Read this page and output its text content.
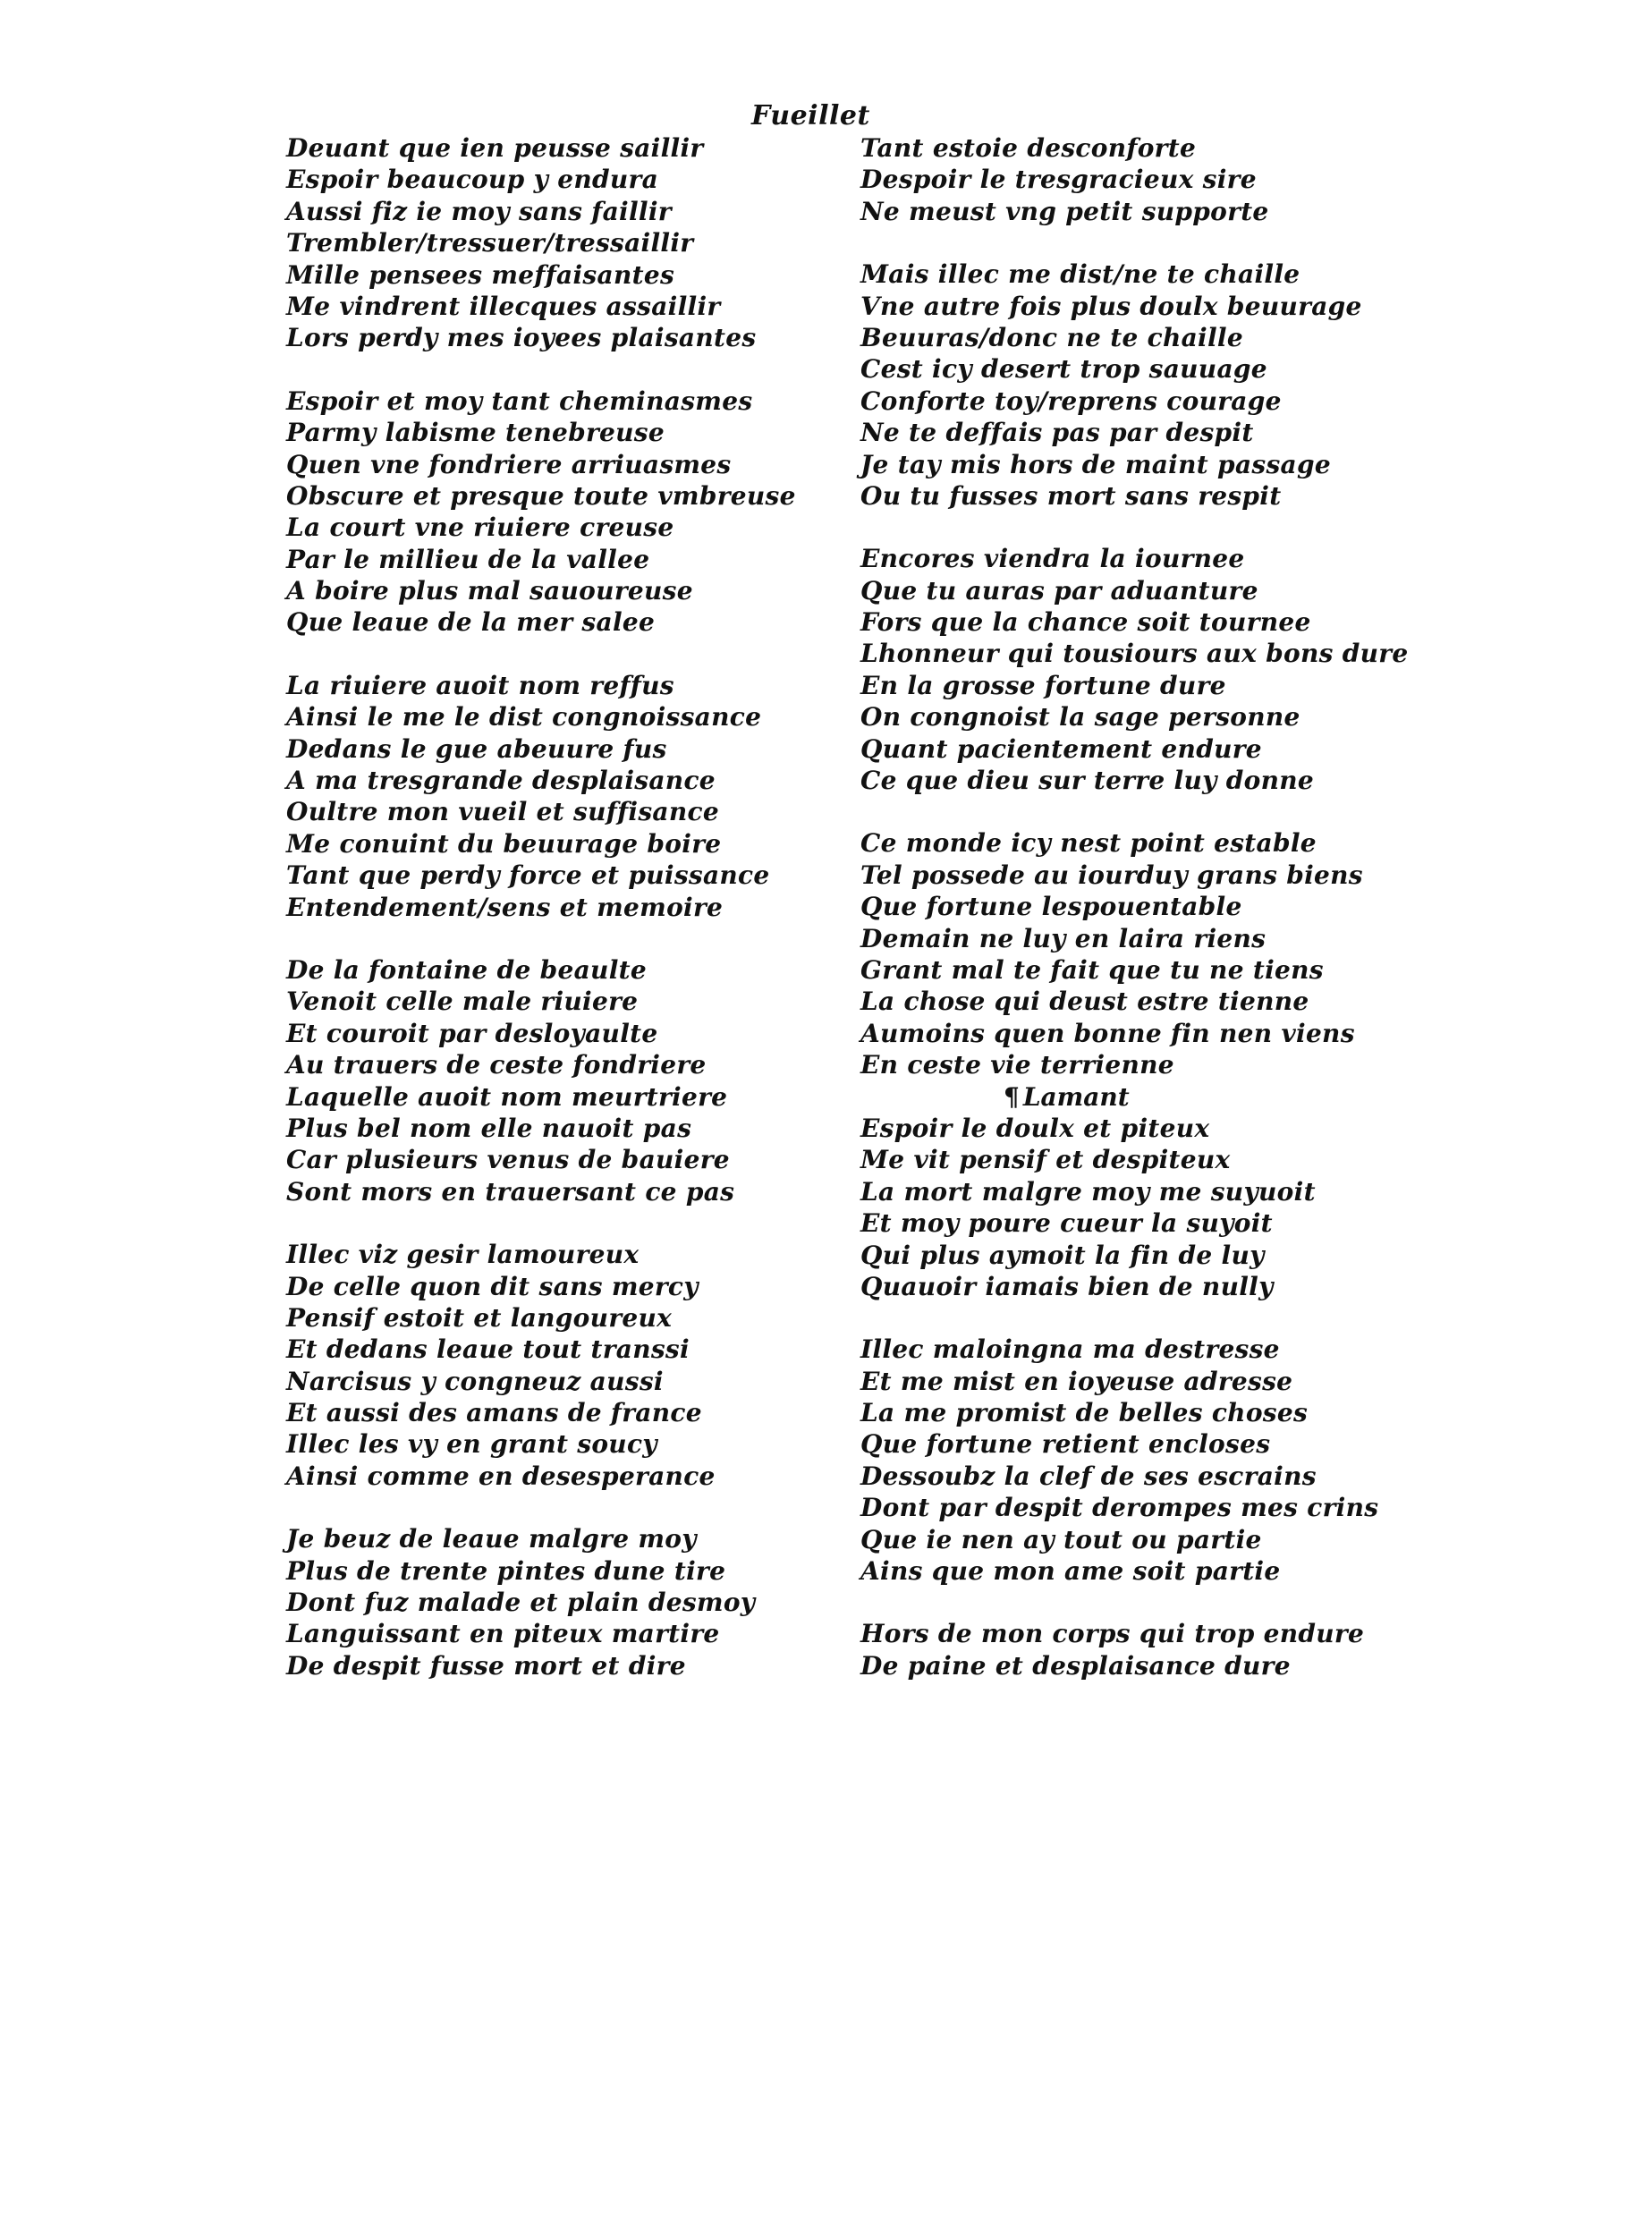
Fueillet
Deuant que ien peusse saillir
Espoir beaucoup y endura
Aussi fiz ie moy sans faillir
Trembler/tressuer/tressaillir
Mille pensees meffaisantes
Me vindrent illecques assaillir
Lors perdy mes ioyees plaisantes
Espoir et moy tant cheminasmes
Parmy labisme tenebreuse
Quen vne fondriere arriuasmes
Obscure et presque toute vmbreuse
La court vne riuiere creuse
Par le millieu de la vallee
A boire plus mal sauoureuse
Que leaue de la mer salee
La riuiere auoit nom reffus
Ainsi le me le dist congnoissance
Dedans le gue abeuure fus
A ma tresgrande desplaisance
Oultre mon vueil et suffisance
Me conuint du beuurage boire
Tant que perdy force et puissance
Entendement/sens et memoire
De la fontaine de beaulte
Venoit celle male riuiere
Et couroit par desloyaulte
Au trauers de ceste fondriere
Laquelle auoit nom meurtriere
Plus bel nom elle nauoit pas
Car plusieurs venus de bauiere
Sont mors en trauersant ce pas
Illec viz gesir lamoureux
De celle quon dit sans mercy
Pensif estoit et langoureux
Et dedans leaue tout transsi
Narcisus y congneuz aussi
Et aussi des amans de france
Illec les vy en grant soucy
Ainsi comme en desesperance
Je beuz de leaue malgre moy
Plus de trente pintes dune tire
Dont fuz malade et plain desmoy
Languissant en piteux martire
De despit fusse mort et dire
Tant estoie desconforte
Despoir le tresgracieux sire
Ne meust vng petit supporte
Mais illec me dist/ne te chaille
Vne autre fois plus doulx beuurage
Beuuras/donc ne te chaille
Cest icy desert trop sauuage
Conforte toy/reprens courage
Ne te deffais pas par despit
Je tay mis hors de maint passage
Ou tu fusses mort sans respit
Encores viendra la iournee
Que tu auras par aduanture
Fors que la chance soit tournee
Lhonneur qui tousiours aux bons dure
En la grosse fortune dure
On congnoist la sage personne
Quant pacientement endure
Ce que dieu sur terre luy donne
Ce monde icy nest point estable
Tel possede au iourduy grans biens
Que fortune lespouentable
Demain ne luy en laira riens
Grant mal te fait que tu ne tiens
La chose qui deust estre tienne
Aumoins quen bonne fin nen viens
En ceste vie terrienne
¶ Lamant
Espoir le doulx et piteux
Me vit pensif et despiteux
La mort malgre moy me suyuoit
Et moy poure cueur la suyoit
Qui plus aymoit la fin de luy
Quauoir iamais bien de nully
Illec maloingna ma destresse
Et me mist en ioyeuse adresse
La me promist de belles choses
Que fortune retient encloses
Dessoubz la clef de ses escrains
Dont par despit derompes mes crins
Que ie nen ay tout ou partie
Ains que mon ame soit partie
Hors de mon corps qui trop endure
De paine et desplaisance dure
